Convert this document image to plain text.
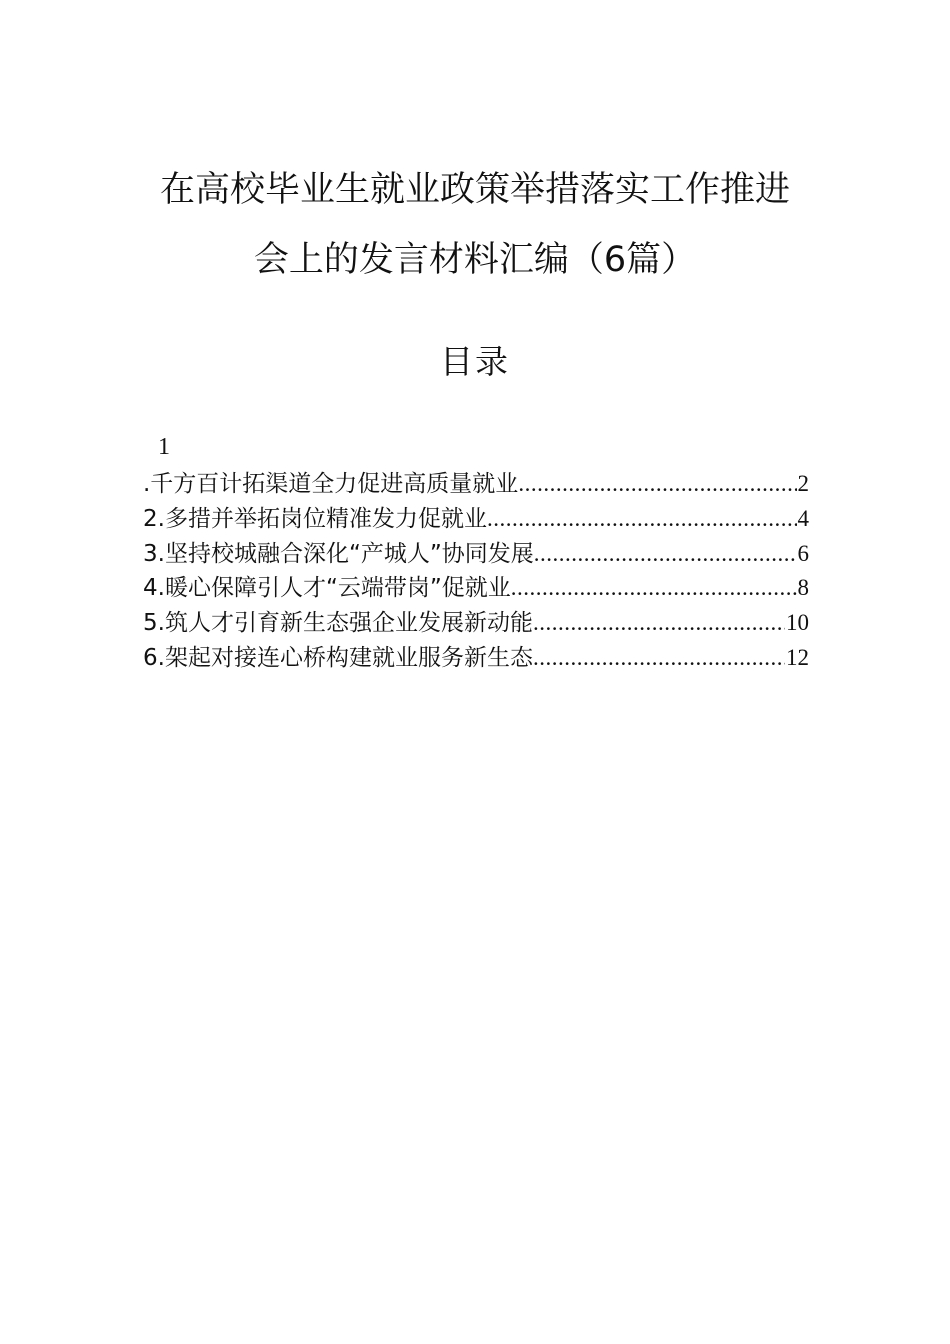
在高校毕业生就业政策举措落实工作推进
会上的发言材料汇编（6篇）
目录
1
.千方百计拓渠道全力促进高质量就业 .....	2
2.多措并举拓岗位精准发力促就业 .....	4
3.坚持校城融合深化“产城人”协同发展 .....	6
4.暖心保障引人才“云端带岗”促就业 .....	8
5.筑人才引育新生态强企业发展新动能 .....	10
6.架起对接连心桥构建就业服务新生态 .....	12
